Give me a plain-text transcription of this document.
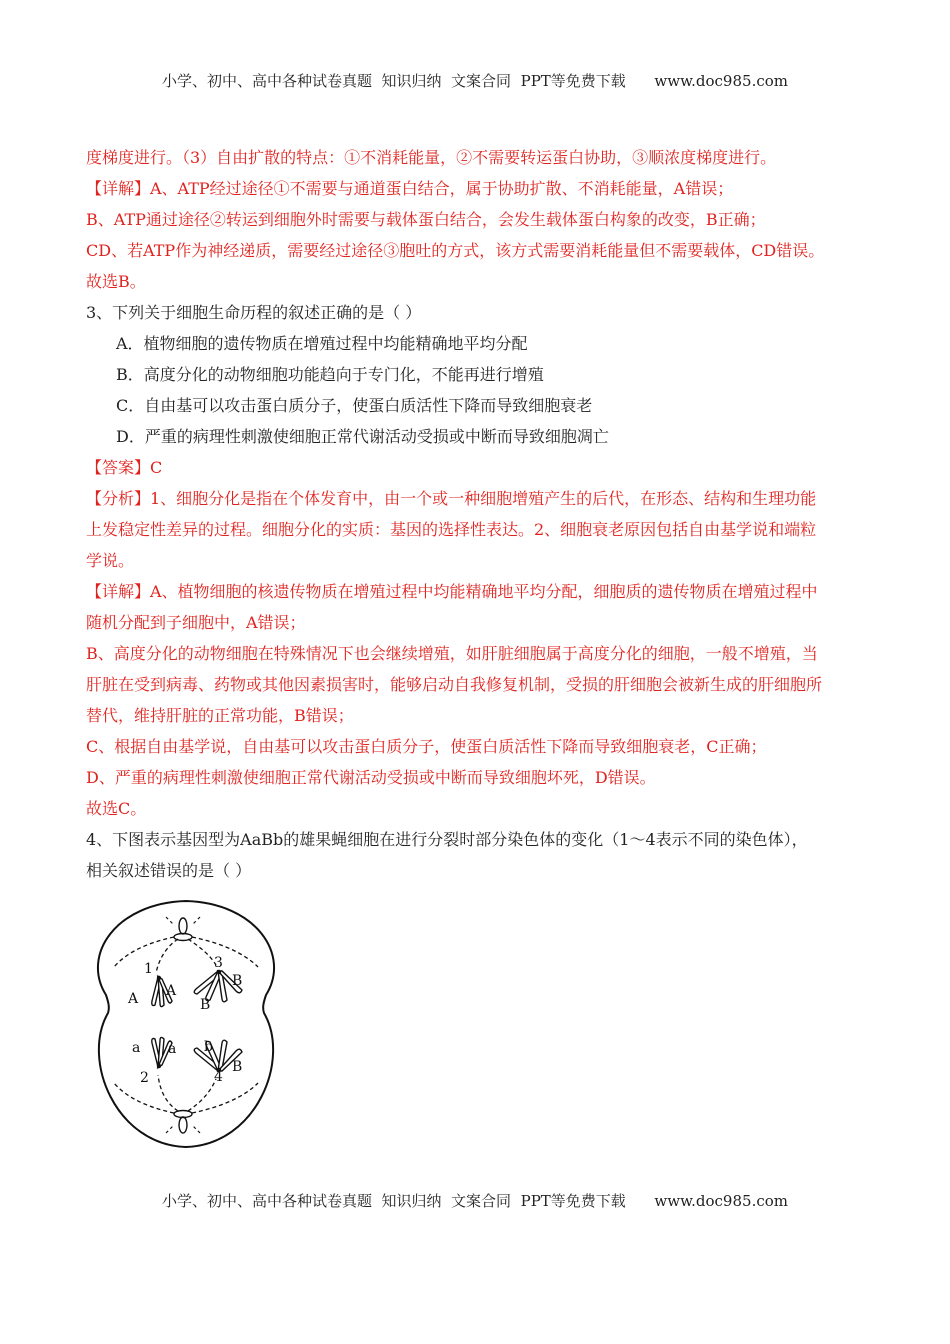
小学、初中、高中各种试卷真题  知识归纳  文案合同  PPT等免费下载      www.doc985.com
度梯度进行。（3）自由扩散的特点：①不消耗能量，②不需要转运蛋白协助，③顺浓度梯度进行。
【详解】A、ATP经过途径①不需要与通道蛋白结合，属于协助扩散、不消耗能量，A错误；
B、ATP通过途径②转运到细胞外时需要与载体蛋白结合，会发生载体蛋白构象的改变，B正确；
CD、若ATP作为神经递质，需要经过途径③胞吐的方式，该方式需要消耗能量但不需要载体，CD错误。
故选B。
3、下列关于细胞生命历程的叙述正确的是（ ）
A．植物细胞的遗传物质在增殖过程中均能精确地平均分配
B．高度分化的动物细胞功能趋向于专门化，不能再进行增殖
C．自由基可以攻击蛋白质分子，使蛋白质活性下降而导致细胞衰老
D．严重的病理性刺激使细胞正常代谢活动受损或中断而导致细胞凋亡
【答案】C
【分析】1、细胞分化是指在个体发育中，由一个或一种细胞增殖产生的后代，在形态、结构和生理功能
上发稳定性差异的过程。细胞分化的实质：基因的选择性表达。2、细胞衰老原因包括自由基学说和端粒
学说。
【详解】A、植物细胞的核遗传物质在增殖过程中均能精确地平均分配，细胞质的遗传物质在增殖过程中
随机分配到子细胞中，A错误；
B、高度分化的动物细胞在特殊情况下也会继续增殖，如肝脏细胞属于高度分化的细胞，一般不增殖，当
肝脏在受到病毒、药物或其他因素损害时，能够启动自我修复机制，受损的肝细胞会被新生成的肝细胞所
替代，维持肝脏的正常功能，B错误；
C、根据自由基学说，自由基可以攻击蛋白质分子，使蛋白质活性下降而导致细胞衰老，C正确；
D、严重的病理性刺激使细胞正常代谢活动受损或中断而导致细胞坏死，D错误。
故选C。
4、下图表示基因型为AaBb的雄果蝇细胞在进行分裂时部分染色体的变化（1～4表示不同的染色体），
相关叙述错误的是（ ）
1	3
2	4
A A
B
B
a a b
B
小学、初中、高中各种试卷真题  知识归纳  文案合同  PPT等免费下载      www.doc985.com
